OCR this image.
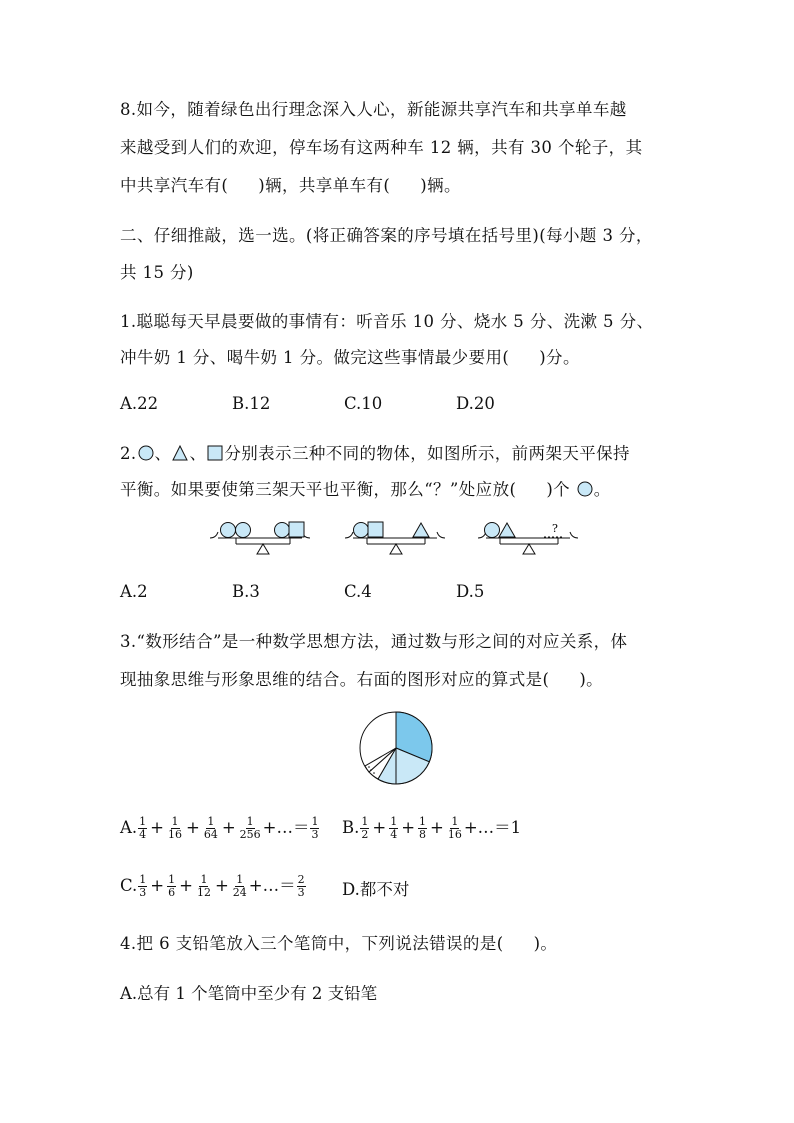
8.如今，随着绿色出行理念深入人心，新能源共享汽车和共享单车越
来越受到人们的欢迎，停车场有这两种车 12 辆，共有 30 个轮子，其
中共享汽车有( )辆，共享单车有( )辆。
二、仔细推敲，选一选。(将正确答案的序号填在括号里)(每小题 3 分，
共 15 分)
1.聪聪每天早晨要做的事情有：听音乐 10 分、烧水 5 分、洗漱 5 分、
冲牛奶 1 分、喝牛奶 1 分。做完这些事情最少要用( )分。
A.22	B.12	C.10	D.20
2. 、 、 分别表示三种不同的物体，如图所示，前两架天平保持
平衡。如果要使第三架天平也平衡，那么“？”处应放( )个 。
?
A.2	B.3	C.4	D.5
3.“数形结合”是一种数学思想方法，通过数与形之间的对应关系，体
现抽象思维与形象思维的结合。右面的图形对应的算式是( )。
A. $\frac{1}{4} + \frac{1}{16} + \frac{1}{64} + \frac{1}{256}$ +…＝ $\frac{1}{3} B$. $\frac{1}{2} + \frac{1}{4} + \frac{1}{8} + \frac{1}{16}$ +…＝1
C. $\frac{1}{3} + \frac{1}{6} + \frac{1}{12} + \frac{1}{24}$ +…＝ $\frac{2}{3} D$.都不对
4.把 6 支铅笔放入三个笔筒中，下列说法错误的是( )。
A.总有 1 个笔筒中至少有 2 支铅笔
